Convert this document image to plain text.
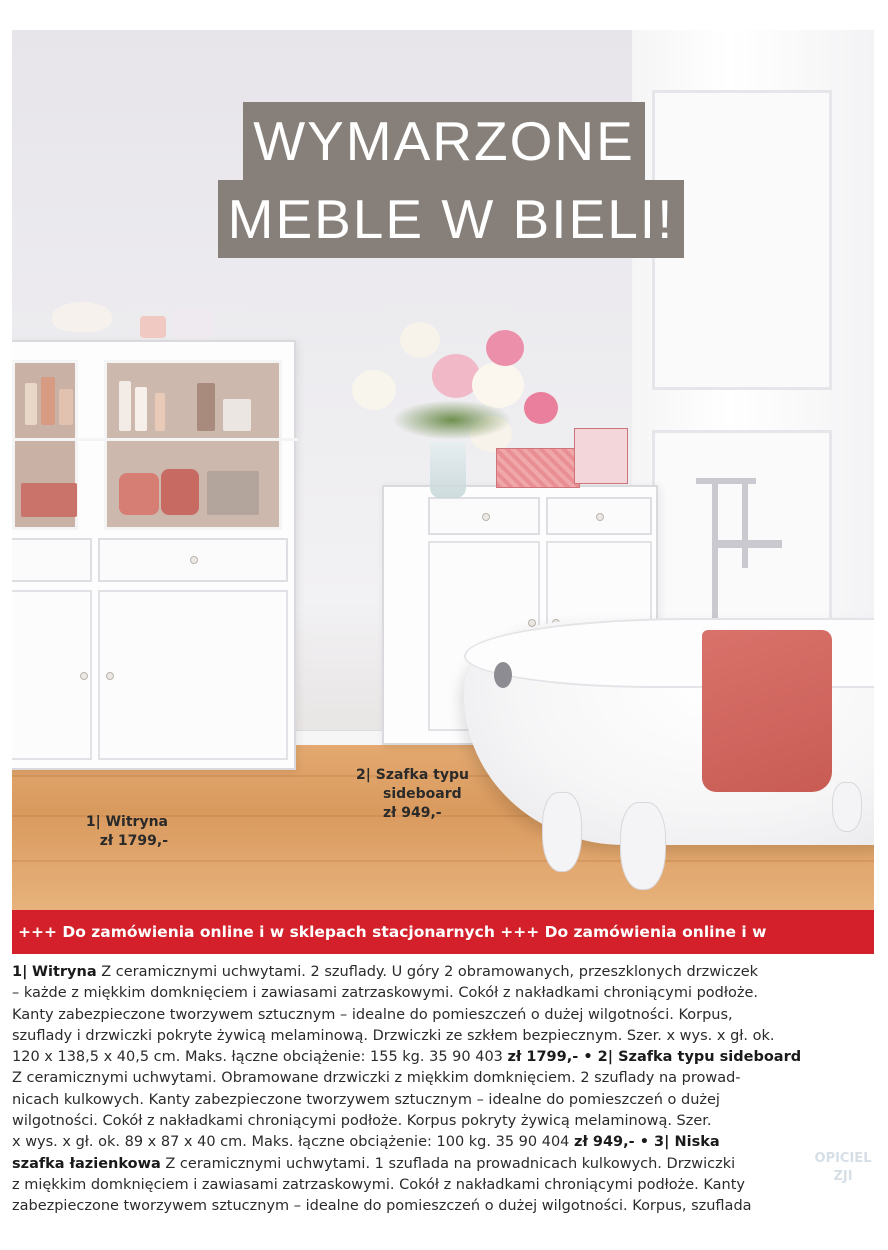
WYMARZONE
MEBLE W BIELI!
1| Witryna
zł 1799,-
2| Szafka typu
sideboard
zł 949,-
+++ Do zamówienia online i w sklepach stacjonarnych +++ Do zamówienia online i w
1| Witryna Z ceramicznymi uchwytami. 2 szuflady. U góry 2 obramowanych, przeszklonych drzwiczek
– każde z miękkim domknięciem i zawiasami zatrzaskowymi. Cokół z nakładkami chroniącymi podłoże.
Kanty zabezpieczone tworzywem sztucznym – idealne do pomieszczeń o dużej wilgotności. Korpus,
szuflady i drzwiczki pokryte żywicą melaminową. Drzwiczki ze szkłem bezpiecznym. Szer. x wys. x gł. ok.
120 x 138,5 x 40,5 cm. Maks. łączne obciążenie: 155 kg. 35 90 403 zł 1799,- • 2| Szafka typu sideboard
Z ceramicznymi uchwytami. Obramowane drzwiczki z miękkim domknięciem. 2 szuflady na prowad-
nicach kulkowych. Kanty zabezpieczone tworzywem sztucznym – idealne do pomieszczeń o dużej
wilgotności. Cokół z nakładkami chroniącymi podłoże. Korpus pokryty żywicą melaminową. Szer.
x wys. x gł. ok. 89 x 87 x 40 cm. Maks. łączne obciążenie: 100 kg. 35 90 404 zł 949,- • 3| Niska
szafka łazienkowa Z ceramicznymi uchwytami. 1 szuflada na prowadnicach kulkowych. Drzwiczki
z miękkim domknięciem i zawiasami zatrzaskowymi. Cokół z nakładkami chroniącymi podłoże. Kanty
zabezpieczone tworzywem sztucznym – idealne do pomieszczeń o dużej wilgotności. Korpus, szuflada
OPICIEL
ZJI
